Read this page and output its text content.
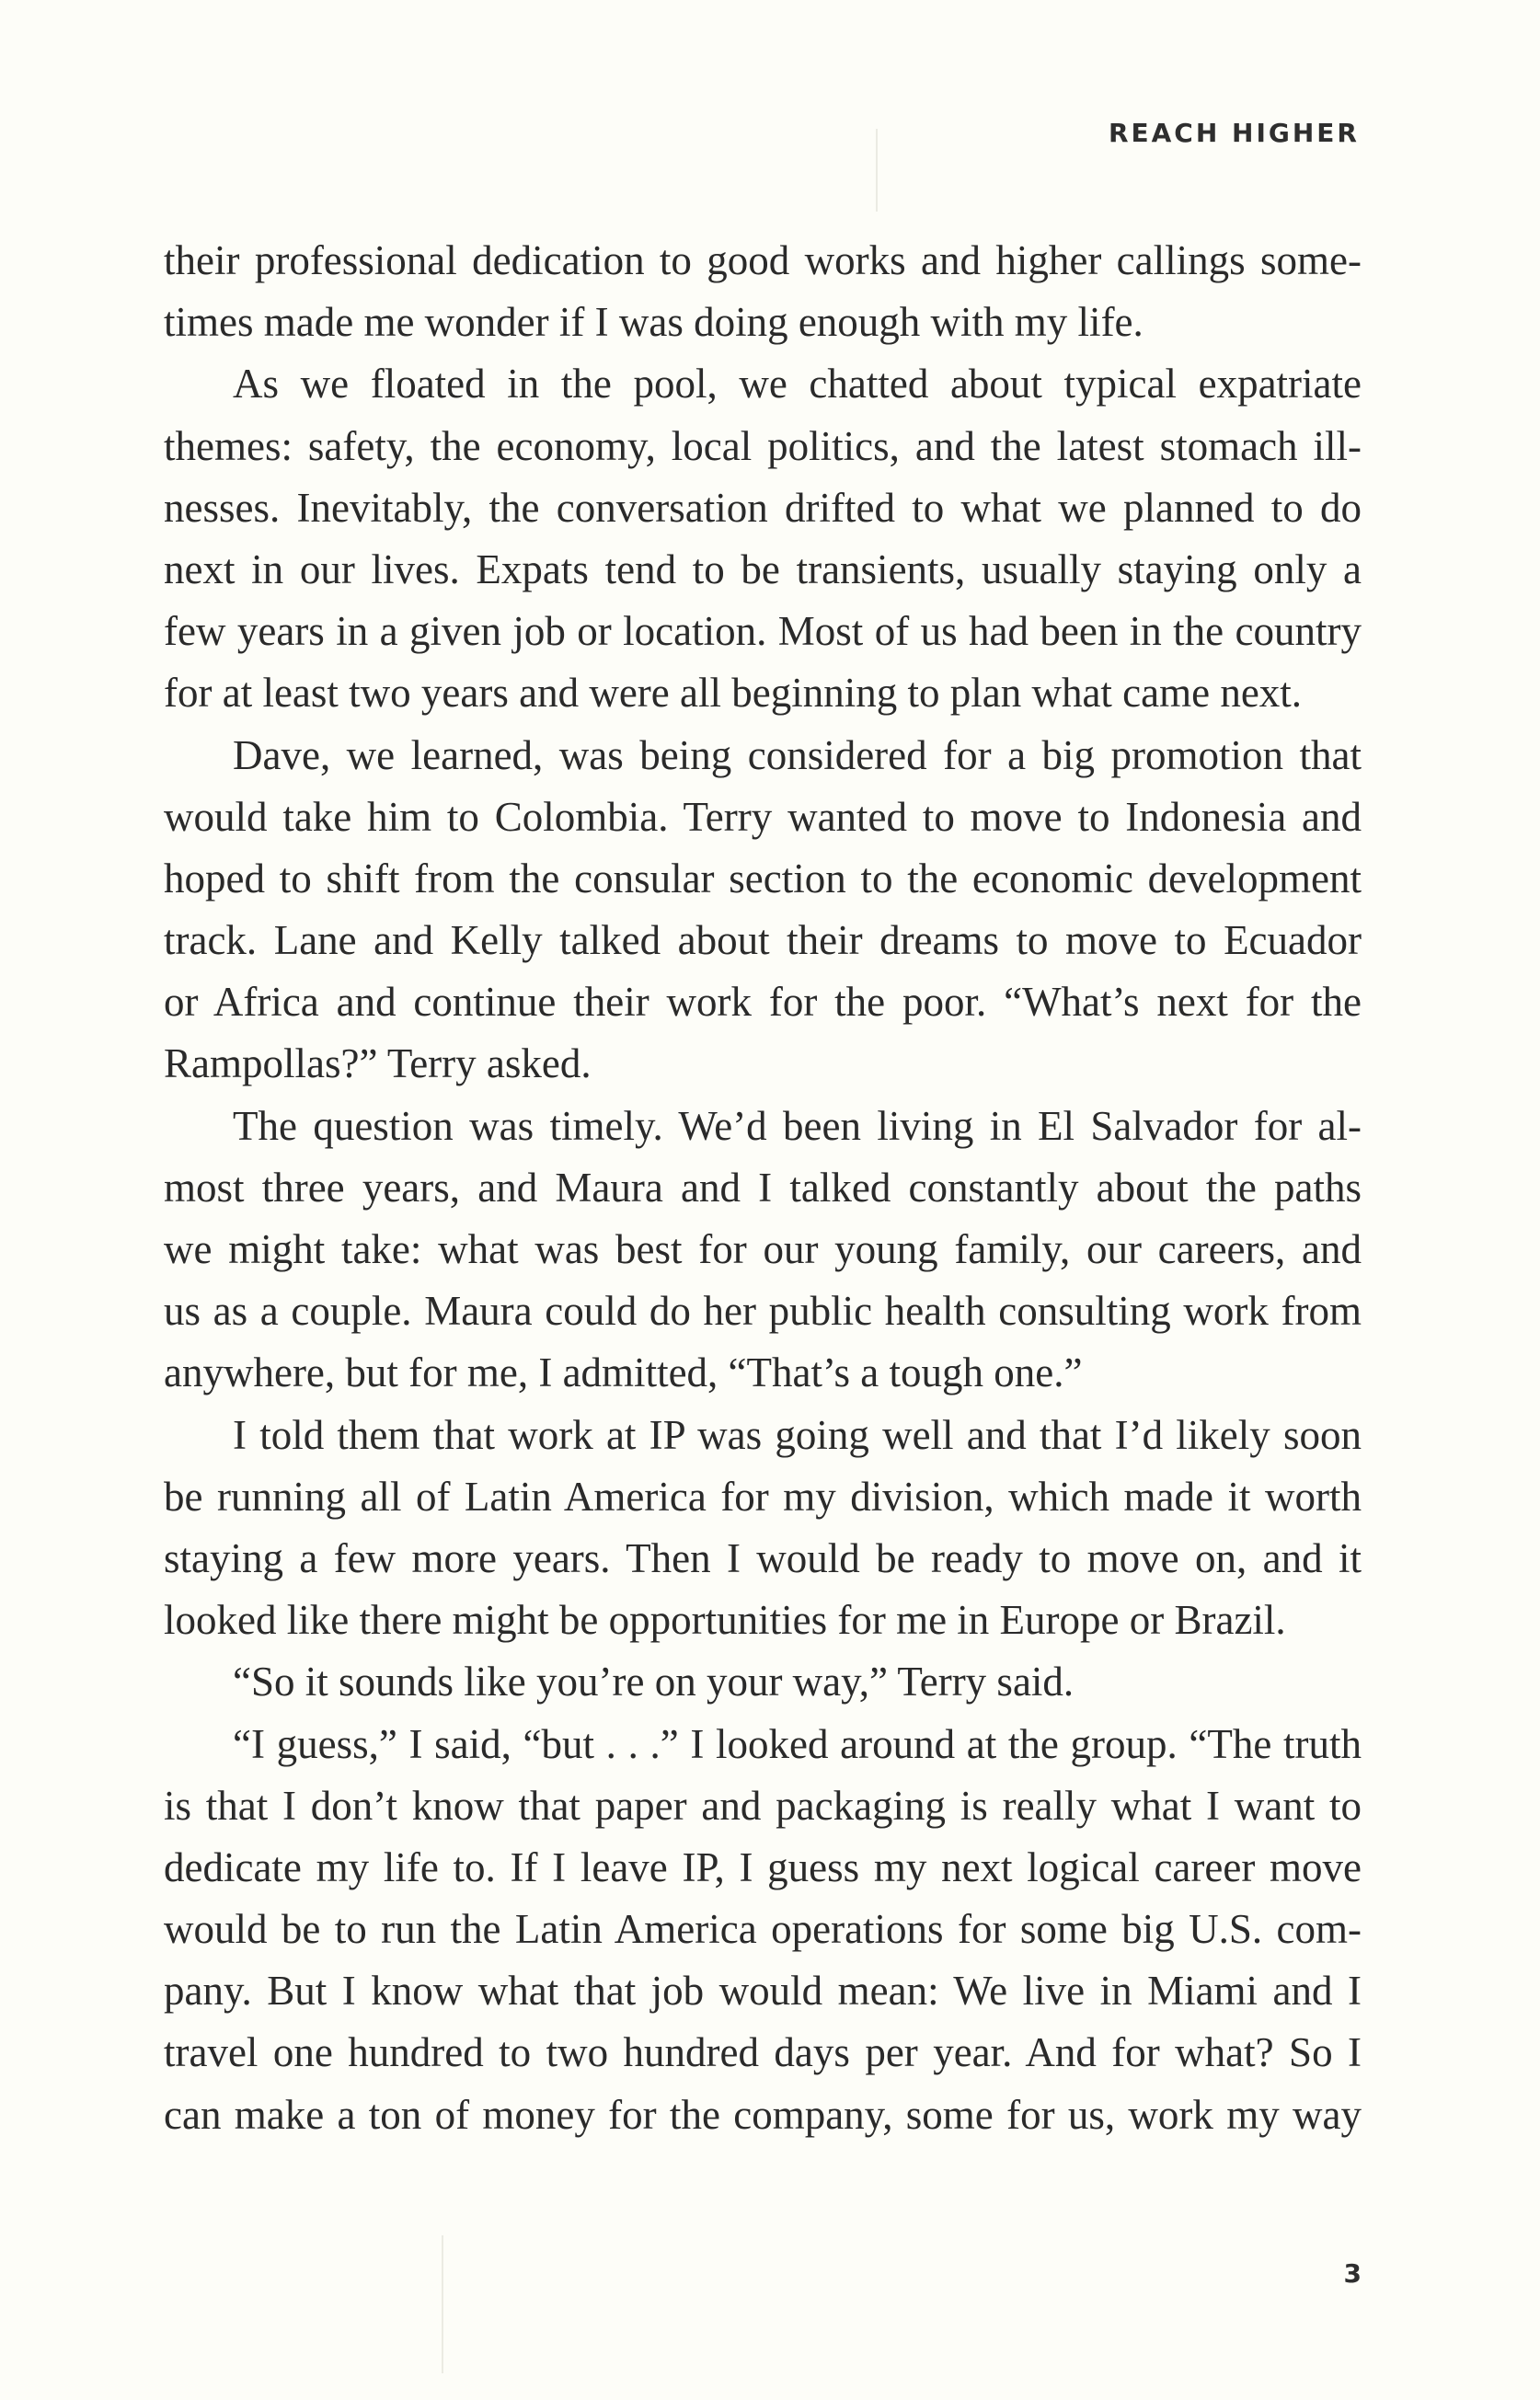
REACH HIGHER
their professional dedication to good works and higher callings some-
times made me wonder if I was doing enough with my life.
As we floated in the pool, we chatted about typical expatriate
themes: safety, the economy, local politics, and the latest stomach ill-
nesses. Inevitably, the conversation drifted to what we planned to do
next in our lives. Expats tend to be transients, usually staying only a
few years in a given job or location. Most of us had been in the country
for at least two years and were all beginning to plan what came next.
Dave, we learned, was being considered for a big promotion that
would take him to Colombia. Terry wanted to move to Indonesia and
hoped to shift from the consular section to the economic development
track. Lane and Kelly talked about their dreams to move to Ecuador
or Africa and continue their work for the poor. “What’s next for the
Rampollas?” Terry asked.
The question was timely. We’d been living in El Salvador for al-
most three years, and Maura and I talked constantly about the paths
we might take: what was best for our young family, our careers, and
us as a couple. Maura could do her public health consulting work from
anywhere, but for me, I admitted, “That’s a tough one.”
I told them that work at IP was going well and that I’d likely soon
be running all of Latin America for my division, which made it worth
staying a few more years. Then I would be ready to move on, and it
looked like there might be opportunities for me in Europe or Brazil.
“So it sounds like you’re on your way,” Terry said.
“I guess,” I said, “but . . .” I looked around at the group. “The truth
is that I don’t know that paper and packaging is really what I want to
dedicate my life to. If I leave IP, I guess my next logical career move
would be to run the Latin America operations for some big U.S. com-
pany. But I know what that job would mean: We live in Miami and I
travel one hundred to two hundred days per year. And for what? So I
can make a ton of money for the company, some for us, work my way
3
